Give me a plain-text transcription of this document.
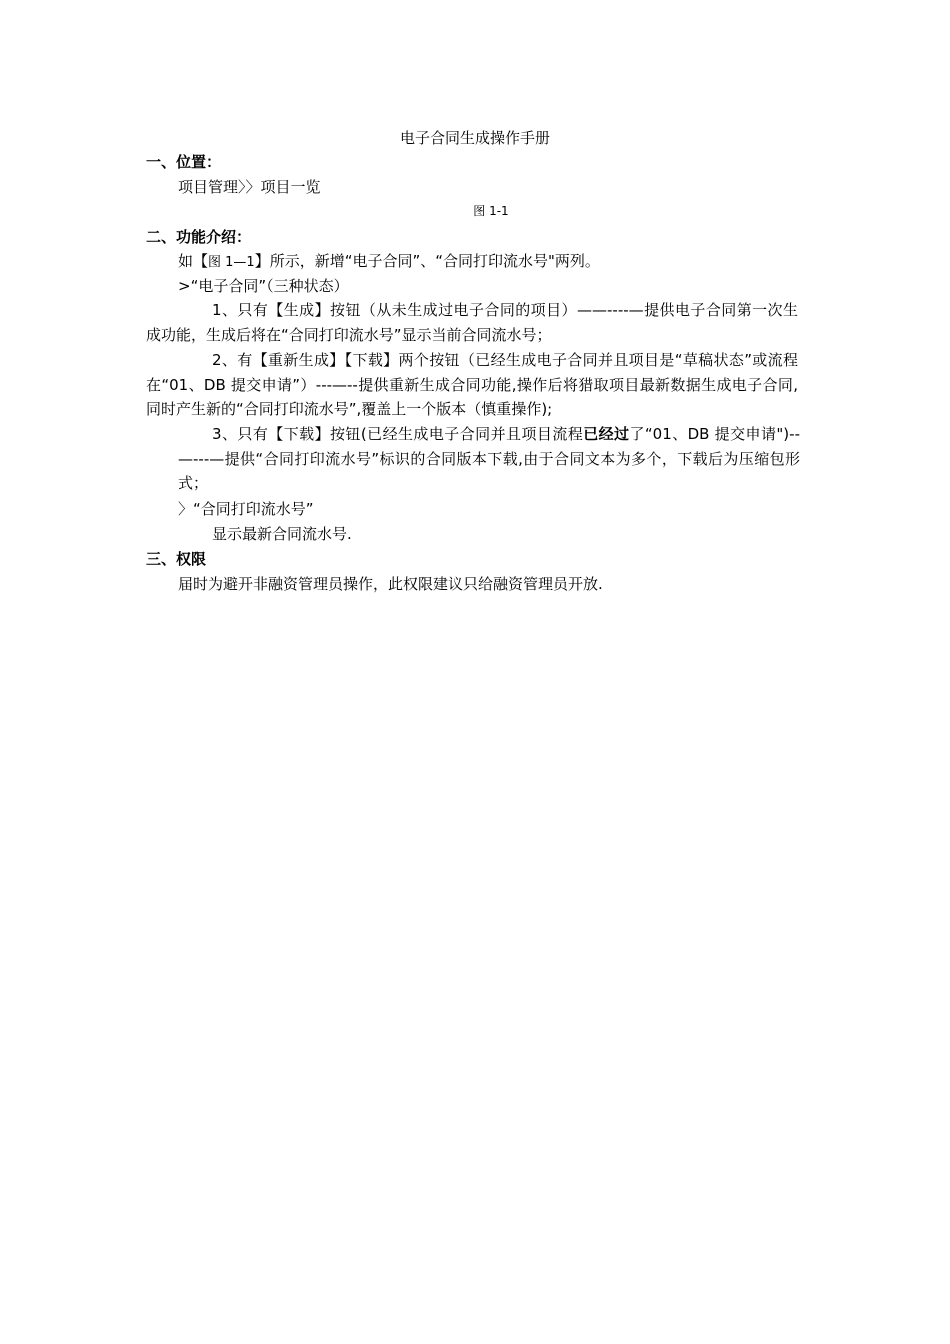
电子合同生成操作手册
一、位置：
项目管理〉〉项目一览
图 1-1
二、功能介绍：
如【图 1—1】所示，新增“电子合同”、“合同打印流水号"两列。
>“电子合同”（三种状态）
1、只有【生成】按钮（从未生成过电子合同的项目）——----—提供电子合同第一次生成功能，生成后将在“合同打印流水号”显示当前合同流水号；
2、有【重新生成】【下载】两个按钮（已经生成电子合同并且项目是“草稿状态”或流程在“01、DB 提交申请”）---—--提供重新生成合同功能,操作后将猎取项目最新数据生成电子合同,同时产生新的“合同打印流水号”,覆盖上一个版本（慎重操作);
3、只有【下载】按钮(已经生成电子合同并且项目流程已经过了“01、DB 提交申请")--—---—提供“合同打印流水号”标识的合同版本下载,由于合同文本为多个，下载后为压缩包形式；
〉“合同打印流水号”
显示最新合同流水号.
三、权限
届时为避开非融资管理员操作，此权限建议只给融资管理员开放.
